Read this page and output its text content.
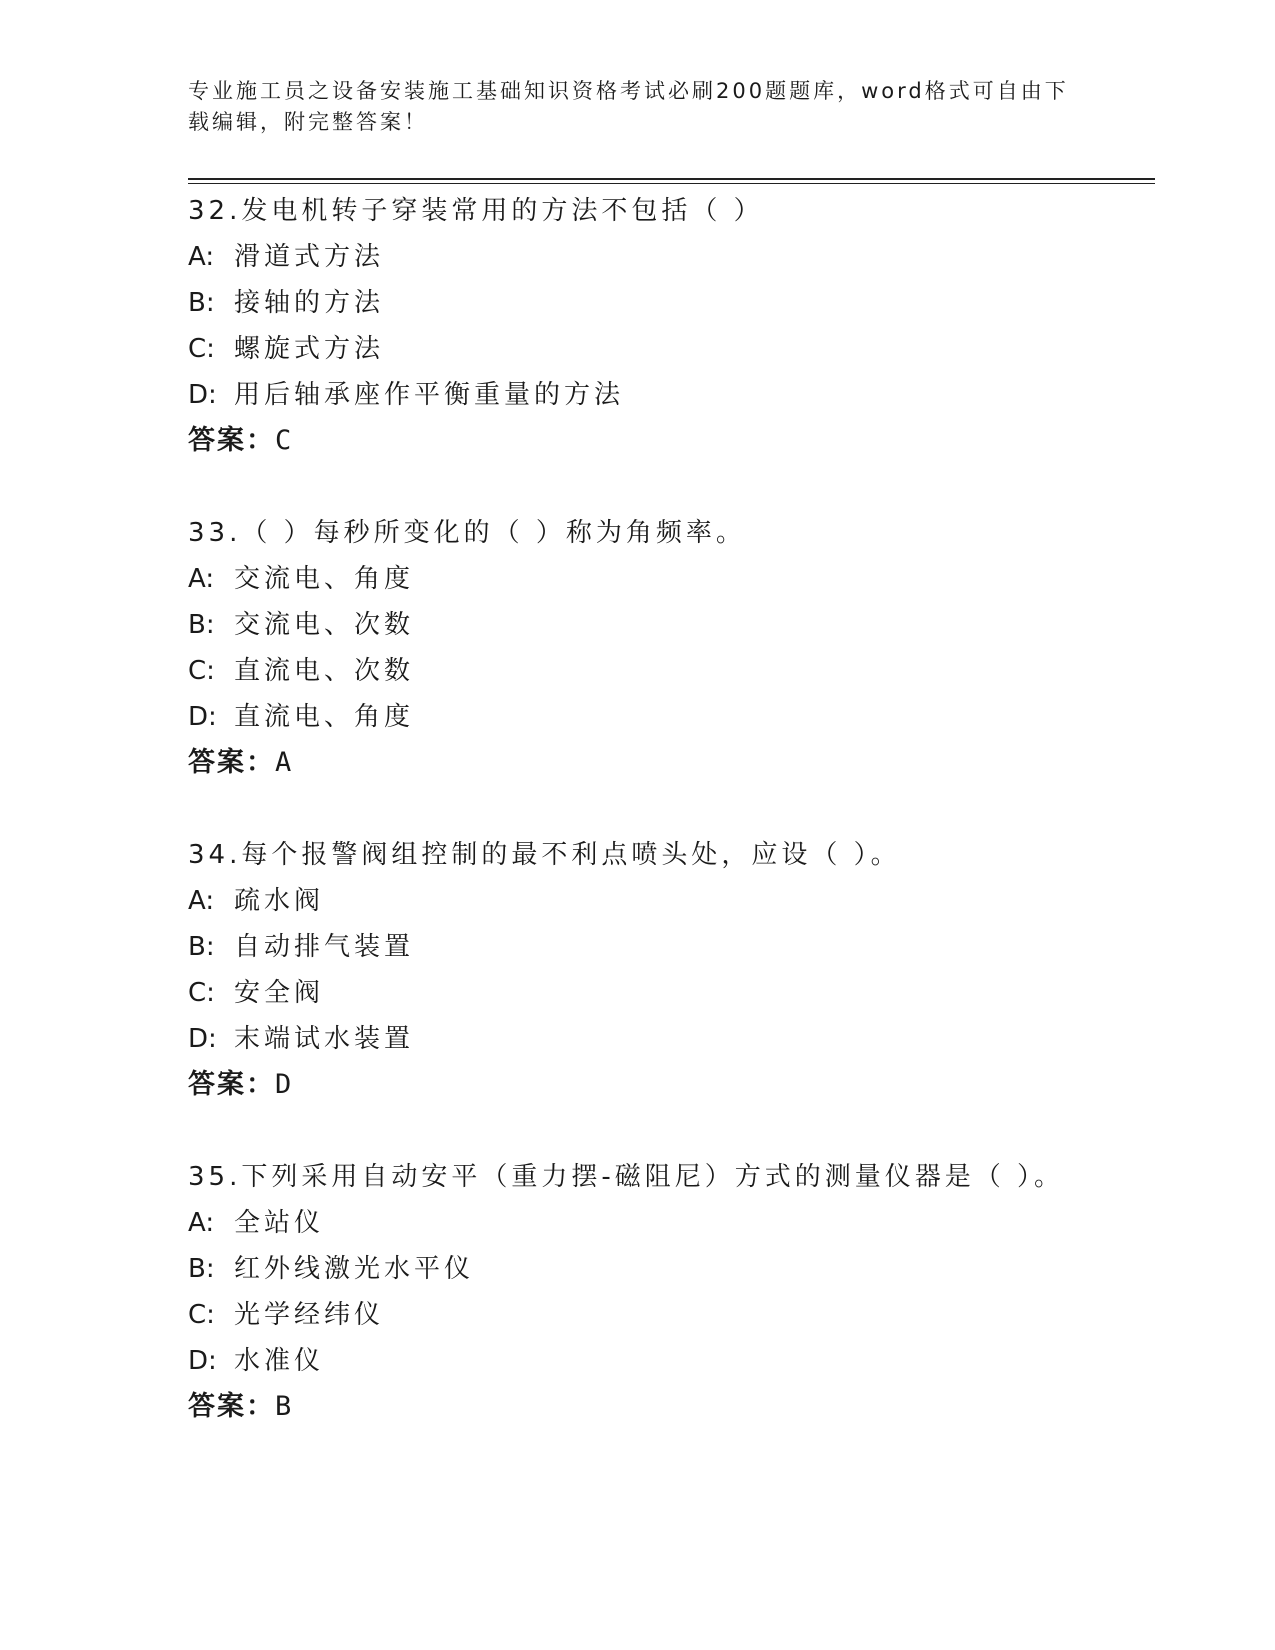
专业施工员之设备安装施工基础知识资格考试必刷200题题库，word格式可自由下载编辑，附完整答案！
32.发电机转子穿装常用的方法不包括（ ）
A: 滑道式方法
B: 接轴的方法
C: 螺旋式方法
D: 用后轴承座作平衡重量的方法
答案：C
33.（ ）每秒所变化的（ ）称为角频率。
A: 交流电、角度
B: 交流电、次数
C: 直流电、次数
D: 直流电、角度
答案：A
34.每个报警阀组控制的最不利点喷头处，应设（ ）。
A: 疏水阀
B: 自动排气装置
C: 安全阀
D: 末端试水装置
答案：D
35.下列采用自动安平（重力摆-磁阻尼）方式的测量仪器是（ ）。
A: 全站仪
B: 红外线激光水平仪
C: 光学经纬仪
D: 水准仪
答案：B
